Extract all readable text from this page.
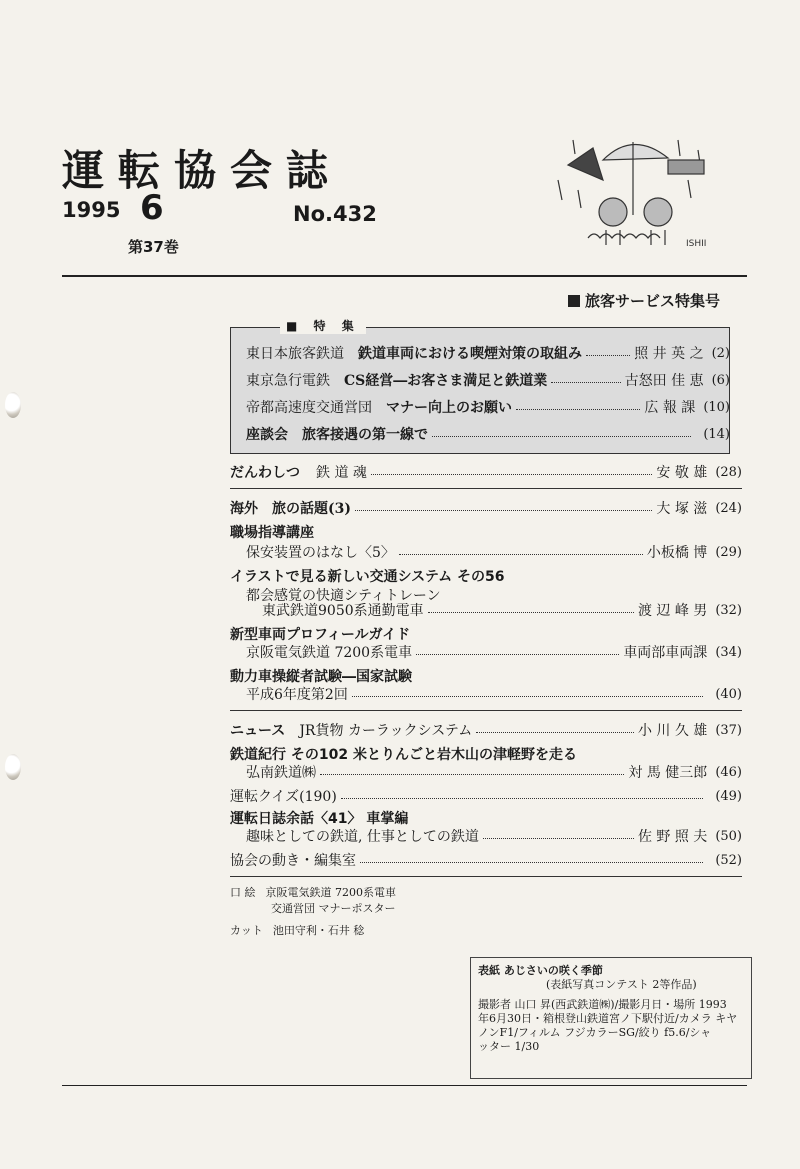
運転協会誌
1995 6
第37巻
No.432
ISHII
旅客サービス特集号
■ 特 集
東日本旅客鉄道 鉄道車両における喫煙対策の取組み	照 井 英 之 (2)
東京急行電鉄 CS経営―お客さま満足と鉄道業	古怒田 佳 恵 (6)
帝都高速度交通営団 マナー向上のお願い	広 報 課 (10)
座談会 旅客接遇の第一線で	(14)
だんわしつ 鉄 道 魂	安 敬 雄 (28)
海外 旅の話題(3)	大 塚 滋 (24)
職場指導講座
保安装置のはなし〈5〉	小板橋 博 (29)
イラストで見る新しい交通システム その56
都会感覚の快適シティトレーン
東武鉄道9050系通勤電車	渡 辺 峰 男 (32)
新型車両プロフィールガイド
京阪電気鉄道 7200系電車	車両部車両課 (34)
動力車操縦者試験―国家試験
平成6年度第2回	(40)
ニュース JR貨物 カーラックシステム	小 川 久 雄 (37)
鉄道紀行 その102 米とりんごと岩木山の津軽野を走る
弘南鉄道㈱	対 馬 健三郎 (46)
運転クイズ(190)	(49)
運転日誌余話〈41〉 車掌編
趣味としての鉄道, 仕事としての鉄道	佐 野 照 夫 (50)
協会の動き・編集室	(52)
口 絵 京阪電気鉄道 7200系電車
交通営団 マナーポスター
カット 池田守利・石井 稔
表紙 あじさいの咲く季節
(表紙写真コンテスト 2等作品)
撮影者 山口 昇(西武鉄道㈱)/撮影月日・場所 1993
年6月30日・箱根登山鉄道宮ノ下駅付近/カメラ キヤ
ノンF1/フィルム フジカラーSG/絞り f5.6/シャ
ッター 1/30
